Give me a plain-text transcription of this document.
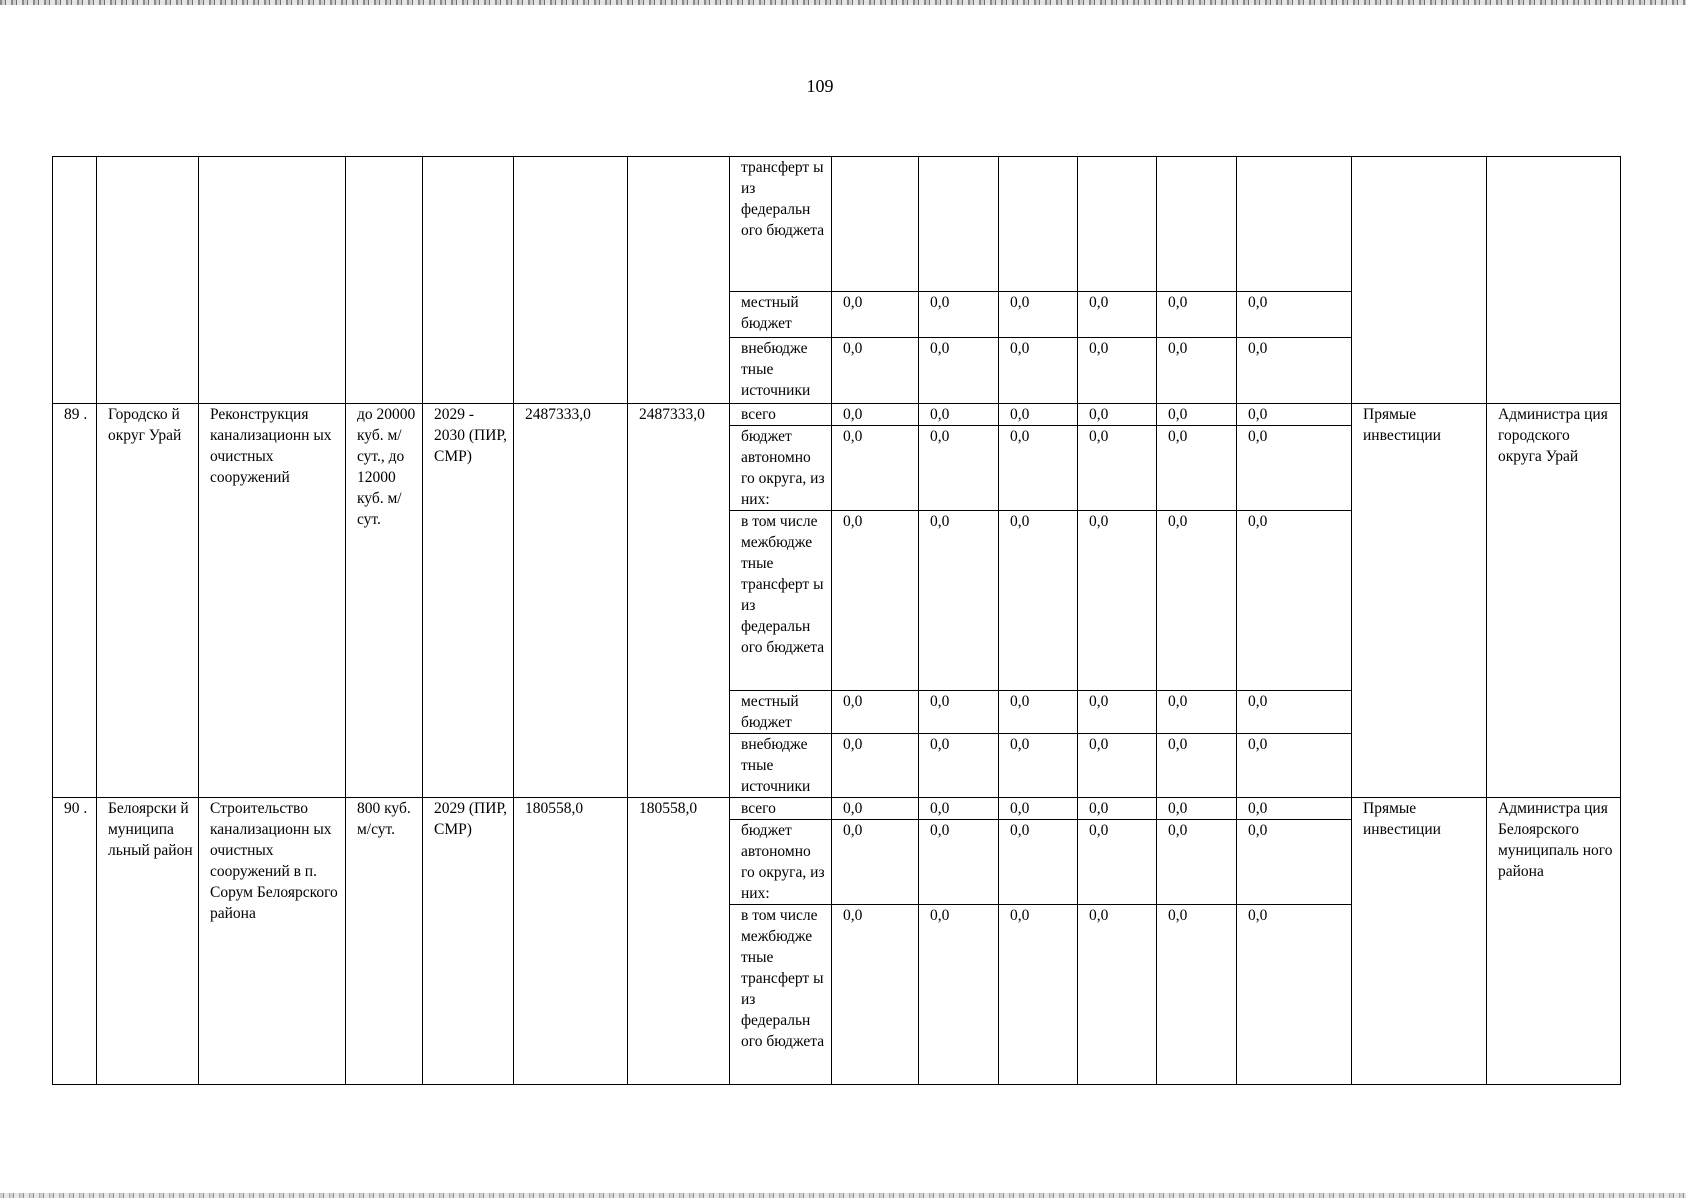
109
							трансферт ы из федеральн ого бюджета								
							местный бюджет	0,0	0,0	0,0	0,0	0,0	0,0		
							внебюдже тные источники	0,0	0,0	0,0	0,0	0,0	0,0		
89 .	Городско й округ Урай	Реконструкция канализационн ых очистных сооружений	до 20000 куб. м/сут., до 12000 куб. м/сут.	2029 - 2030 (ПИР, СМР)	2487333,0	2487333,0	всего	0,0	0,0	0,0	0,0	0,0	0,0	Прямые инвестиции	Администра ция городского округа Урай
							бюджет автономно го округа, из них:	0,0	0,0	0,0	0,0	0,0	0,0		
							в том числе межбюдже тные трансферт ы из федеральн ого бюджета	0,0	0,0	0,0	0,0	0,0	0,0		
							местный бюджет	0,0	0,0	0,0	0,0	0,0	0,0		
							внебюдже тные источники	0,0	0,0	0,0	0,0	0,0	0,0		
90 .	Белоярски й муниципа льный район	Строительство канализационн ых очистных сооружений в п. Сорум Белоярского района	800 куб. м/сут.	2029 (ПИР, СМР)	180558,0	180558,0	всего	0,0	0,0	0,0	0,0	0,0	0,0	Прямые инвестиции	Администра ция Белоярского муниципаль ного района
							бюджет автономно го округа, из них:	0,0	0,0	0,0	0,0	0,0	0,0		
							в том числе межбюдже тные трансферт ы из федеральн ого бюджета	0,0	0,0	0,0	0,0	0,0	0,0		
